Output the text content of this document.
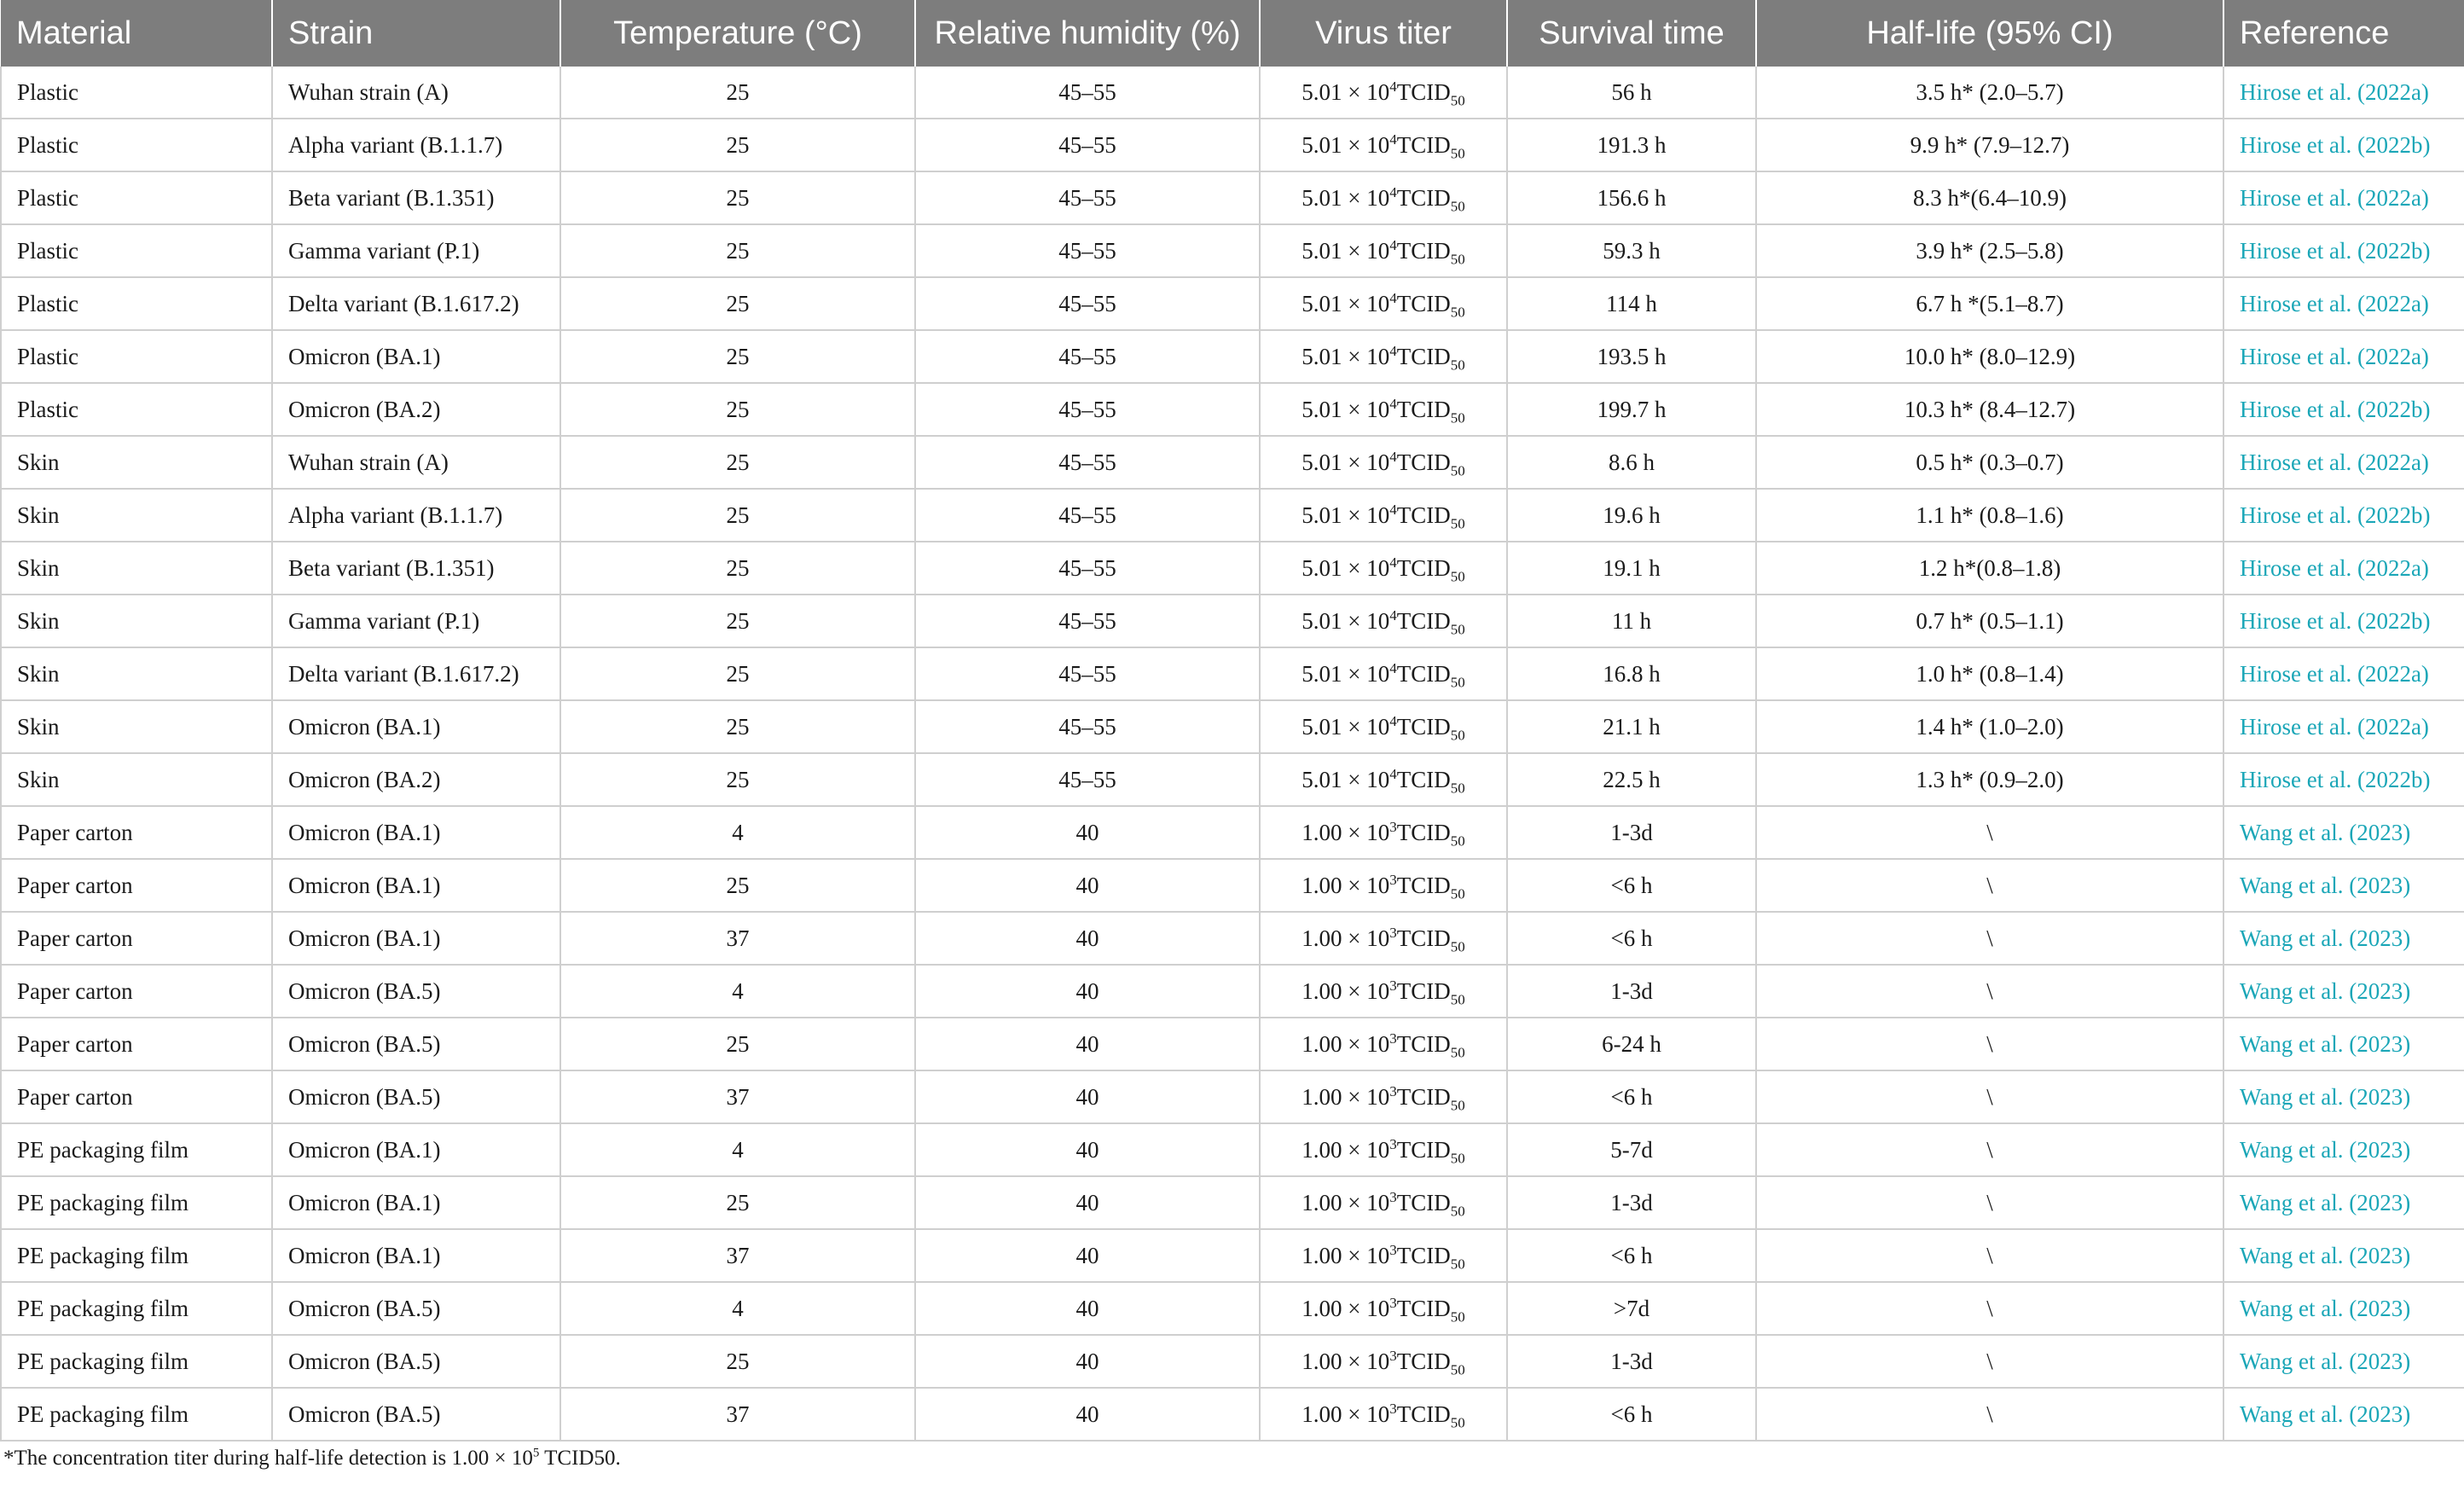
Material	Strain	Temperature (°C)	Relative humidity (%)	Virus titer	Survival time	Half-life (95% CI)	Reference
Plastic	Wuhan strain (A)	25	45–55	$5.01 \times 10^4TCID_{50}$	56 h	3.5 h* (2.0–5.7)	Hirose et al. (2022a)
Plastic	Alpha variant (B.1.1.7)	25	45–55	$5.01 \times 10^4TCID_{50}$	191.3 h	9.9 h* (7.9–12.7)	Hirose et al. (2022b)
Plastic	Beta variant (B.1.351)	25	45–55	$5.01 \times 10^4TCID_{50}$	156.6 h	8.3 h*(6.4–10.9)	Hirose et al. (2022a)
Plastic	Gamma variant (P.1)	25	45–55	$5.01 \times 10^4TCID_{50}$	59.3 h	3.9 h* (2.5–5.8)	Hirose et al. (2022b)
Plastic	Delta variant (B.1.617.2)	25	45–55	$5.01 \times 10^4TCID_{50}$	114 h	6.7 h *(5.1–8.7)	Hirose et al. (2022a)
Plastic	Omicron (BA.1)	25	45–55	$5.01 \times 10^4TCID_{50}$	193.5 h	10.0 h* (8.0–12.9)	Hirose et al. (2022a)
Plastic	Omicron (BA.2)	25	45–55	$5.01 \times 10^4TCID_{50}$	199.7 h	10.3 h* (8.4–12.7)	Hirose et al. (2022b)
Skin	Wuhan strain (A)	25	45–55	$5.01 \times 10^4TCID_{50}$	8.6 h	0.5 h* (0.3–0.7)	Hirose et al. (2022a)
Skin	Alpha variant (B.1.1.7)	25	45–55	$5.01 \times 10^4TCID_{50}$	19.6 h	1.1 h* (0.8–1.6)	Hirose et al. (2022b)
Skin	Beta variant (B.1.351)	25	45–55	$5.01 \times 10^4TCID_{50}$	19.1 h	1.2 h*(0.8–1.8)	Hirose et al. (2022a)
Skin	Gamma variant (P.1)	25	45–55	$5.01 \times 10^4TCID_{50}$	11 h	0.7 h* (0.5–1.1)	Hirose et al. (2022b)
Skin	Delta variant (B.1.617.2)	25	45–55	$5.01 \times 10^4TCID_{50}$	16.8 h	1.0 h* (0.8–1.4)	Hirose et al. (2022a)
Skin	Omicron (BA.1)	25	45–55	$5.01 \times 10^4TCID_{50}$	21.1 h	1.4 h* (1.0–2.0)	Hirose et al. (2022a)
Skin	Omicron (BA.2)	25	45–55	$5.01 \times 10^4TCID_{50}$	22.5 h	1.3 h* (0.9–2.0)	Hirose et al. (2022b)
Paper carton	Omicron (BA.1)	4	40	$1.00 \times 10^3TCID_{50}$	1-3d	\	Wang et al. (2023)
Paper carton	Omicron (BA.1)	25	40	$1.00 \times 10^3TCID_{50}$	<6 h	\	Wang et al. (2023)
Paper carton	Omicron (BA.1)	37	40	$1.00 \times 10^3TCID_{50}$	<6 h	\	Wang et al. (2023)
Paper carton	Omicron (BA.5)	4	40	$1.00 \times 10^3TCID_{50}$	1-3d	\	Wang et al. (2023)
Paper carton	Omicron (BA.5)	25	40	$1.00 \times 10^3TCID_{50}$	6-24 h	\	Wang et al. (2023)
Paper carton	Omicron (BA.5)	37	40	$1.00 \times 10^3TCID_{50}$	<6 h	\	Wang et al. (2023)
PE packaging film	Omicron (BA.1)	4	40	$1.00 \times 10^3TCID_{50}$	5-7d	\	Wang et al. (2023)
PE packaging film	Omicron (BA.1)	25	40	$1.00 \times 10^3TCID_{50}$	1-3d	\	Wang et al. (2023)
PE packaging film	Omicron (BA.1)	37	40	$1.00 \times 10^3TCID_{50}$	<6 h	\	Wang et al. (2023)
PE packaging film	Omicron (BA.5)	4	40	$1.00 \times 10^3TCID_{50}$	>7d	\	Wang et al. (2023)
PE packaging film	Omicron (BA.5)	25	40	$1.00 \times 10^3TCID_{50}$	1-3d	\	Wang et al. (2023)
PE packaging film	Omicron (BA.5)	37	40	$1.00 \times 10^3TCID_{50}$	<6 h	\	Wang et al. (2023)
*The concentration titer during half-life detection is $1.00 \times 10^5$ TCID50.
